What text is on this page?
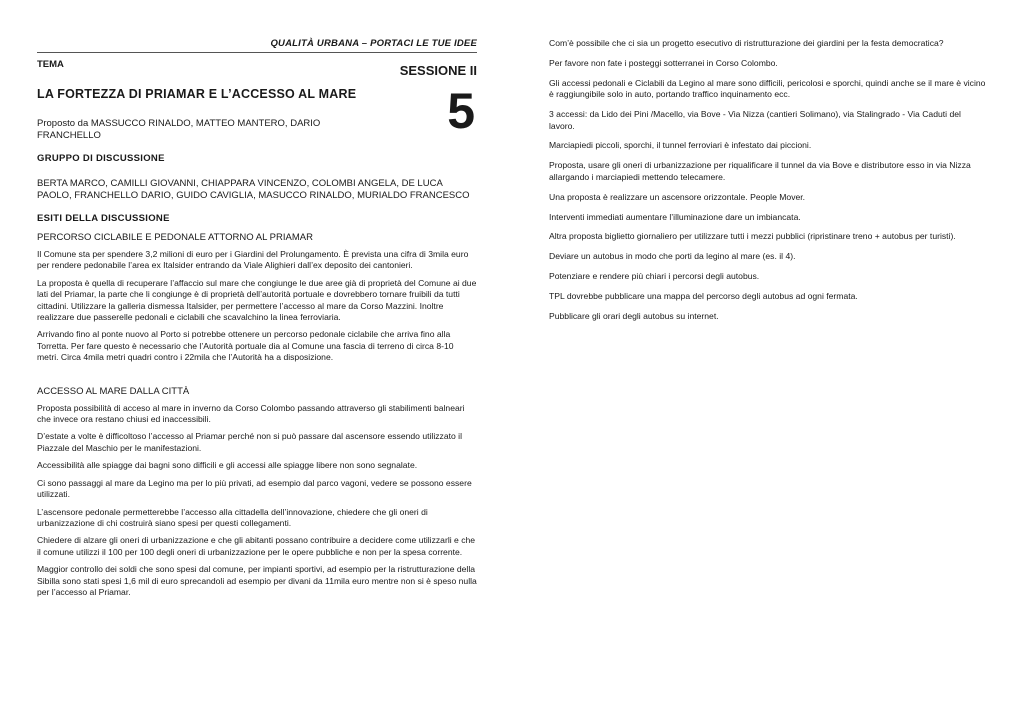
QUALITÀ URBANA – PORTACI LE TUE IDEE
TEMA	SESSIONE II
5
LA FORTEZZA DI PRIAMAR E L’ACCESSO AL MARE
Proposto da MASSUCCO RINALDO, MATTEO MANTERO, DARIO FRANCHELLO
GRUPPO DI DISCUSSIONE
BERTA MARCO, CAMILLI GIOVANNI, CHIAPPARA VINCENZO, COLOMBI ANGELA, DE LUCA PAOLO, FRANCHELLO DARIO, GUIDO CAVIGLIA, MASUCCO RINALDO, MURIALDO FRANCESCO
ESITI DELLA DISCUSSIONE
PERCORSO CICLABILE E PEDONALE ATTORNO AL PRIAMAR

Il Comune sta per spendere 3,2 milioni di euro per i Giardini del Prolungamento. È prevista una cifra di 3mila euro per rendere pedonabile l’area ex Italsider entrando da Viale Alighieri dall’ex deposito dei cantonieri.

La proposta è quella di recuperare l’affaccio sul mare che congiunge le due aree già di proprietà del Comune ai due lati del Priamar, la parte che li congiunge è di proprietà dell’autorità portuale e dovrebbero tornare fruibili da tutti cittadini. Utilizzare la galleria dismessa Italsider, per permettere l’accesso al mare da Corso Mazzini. Inoltre realizzare due passerelle pedonali e ciclabili che scavalchino la linea ferroviaria.

Arrivando fino al ponte nuovo al Porto si potrebbe ottenere un percorso pedonale ciclabile che arriva fino alla Torretta. Per fare questo è necessario che l’Autorità portuale dia al Comune una fascia di terreno di circa 8-10 metri. Circa 4mila metri quadri contro i 22mila che l’Autorità ha a disposizione.

ACCESSO AL MARE DALLA CITTÀ

Proposta possibilità di acceso al mare in inverno da Corso Colombo passando attraverso gli stabilimenti balneari che invece ora restano chiusi ed inaccessibili.

D’estate a volte è difficoltoso l’accesso al Priamar perché non si può passare dal ascensore essendo utilizzato il Piazzale del Maschio per le manifestazioni.

Accessibilità alle spiagge dai bagni sono difficili e gli accessi alle spiagge libere non sono segnalate.

Ci sono passaggi al mare da Legino ma per lo più privati, ad esempio dal parco vagoni, vedere se possono essere utilizzati.

L’ascensore pedonale permetterebbe l’accesso alla cittadella dell’innovazione, chiedere che gli oneri di urbanizzazione di chi costruirà siano spesi per questi collegamenti.

Chiedere di alzare gli oneri di urbanizzazione e che gli abitanti possano contribuire a decidere come utilizzarli e che il comune utilizzi il 100 per 100 degli oneri di urbanizzazione per le opere pubbliche e non per la spesa corrente.

Maggior controllo dei soldi che sono spesi dal comune, per impianti sportivi, ad esempio per la ristrutturazione della Sibilla sono stati spesi 1,6 mil di euro sprecandoli ad esempio per divani da 11mila euro mentre non si è speso nulla per l’accesso al Priamar.

Com’è possibile che ci sia un progetto esecutivo di ristrutturazione dei giardini per la festa democratica?

Per favore non fate i posteggi sotterranei in Corso Colombo.

Gli accessi pedonali e Ciclabili da Legino al mare sono difficili, pericolosi e sporchi, quindi anche se il mare è vicino è raggiungibile solo in auto, portando traffico inquinamento ecc.

3 accessi: da Lido dei Pini /Macello, via Bove - Via Nizza (cantieri Solimano), via Stalingrado - Via Caduti del lavoro.

Marciapiedi piccoli, sporchi, il tunnel ferroviari è infestato dai piccioni.

Proposta, usare gli oneri di urbanizzazione per riqualificare il tunnel da via Bove e distributore esso in via Nizza allargando i marciapiedi mettendo telecamere.

Una proposta è realizzare un ascensore orizzontale. People Mover.

Interventi immediati aumentare l’illuminazione dare un imbiancata.

Altra proposta biglietto giornaliero per utilizzare tutti i mezzi pubblici (ripristinare treno + autobus per turisti).

Deviare un autobus in modo che porti da legino al mare (es. il 4).

Potenziare e rendere più chiari i percorsi degli autobus.

TPL dovrebbe pubblicare una mappa del percorso degli autobus ad ogni fermata.

Pubblicare gli orari degli autobus su internet.
